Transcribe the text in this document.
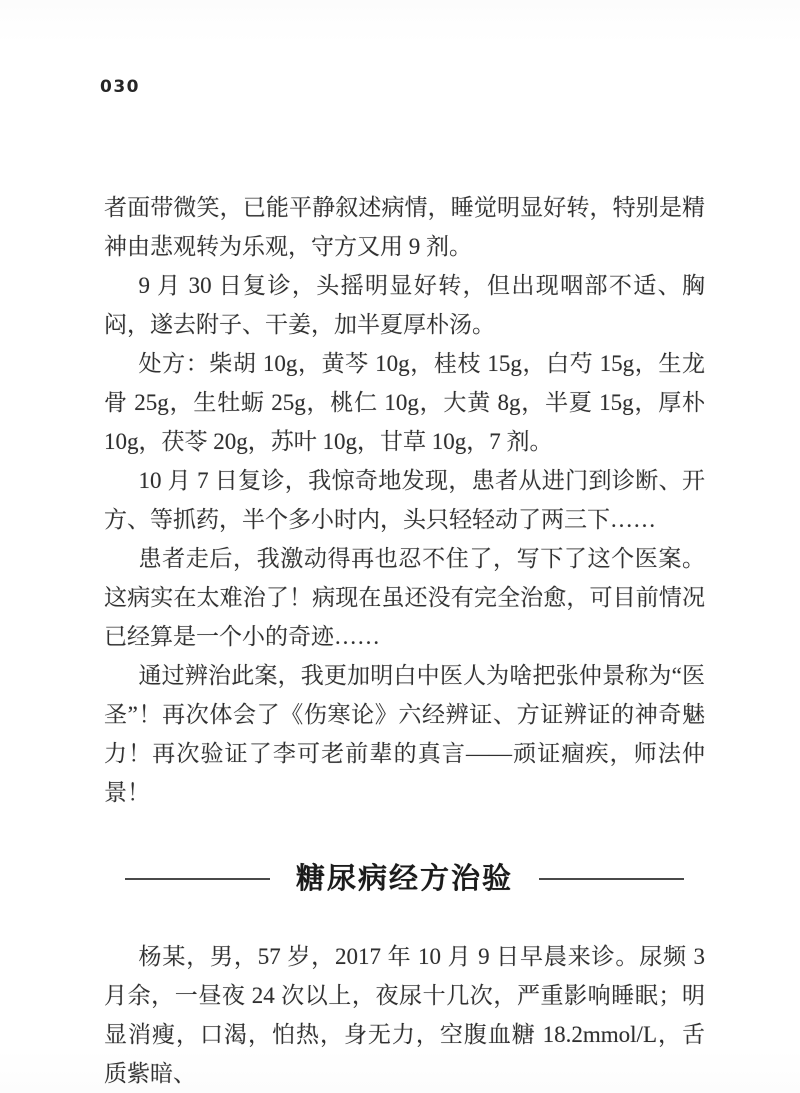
030

者面带微笑，已能平静叙述病情，睡觉明显好转，特别是精神由悲观转为乐观，守方又用 9 剂。

9 月 30 日复诊，头摇明显好转，但出现咽部不适、胸闷，遂去附子、干姜，加半夏厚朴汤。

处方：柴胡 10g，黄芩 10g，桂枝 15g，白芍 15g，生龙骨 25g，生牡蛎 25g，桃仁 10g，大黄 8g，半夏 15g，厚朴 10g，茯苓 20g，苏叶 10g，甘草 10g，7 剂。

10 月 7 日复诊，我惊奇地发现，患者从进门到诊断、开方、等抓药，半个多小时内，头只轻轻动了两三下……

患者走后，我激动得再也忍不住了，写下了这个医案。这病实在太难治了！病现在虽还没有完全治愈，可目前情况已经算是一个小的奇迹……

通过辨治此案，我更加明白中医人为啥把张仲景称为“医圣”！再次体会了《伤寒论》六经辨证、方证辨证的神奇魅力！再次验证了李可老前辈的真言——顽证痼疾，师法仲景！

糖尿病经方治验

杨某，男，57 岁，2017 年 10 月 9 日早晨来诊。尿频 3 月余，一昼夜 24 次以上，夜尿十几次，严重影响睡眠；明显消瘦，口渴，怕热，身无力，空腹血糖 18.2mmol/L，舌质紫暗、
